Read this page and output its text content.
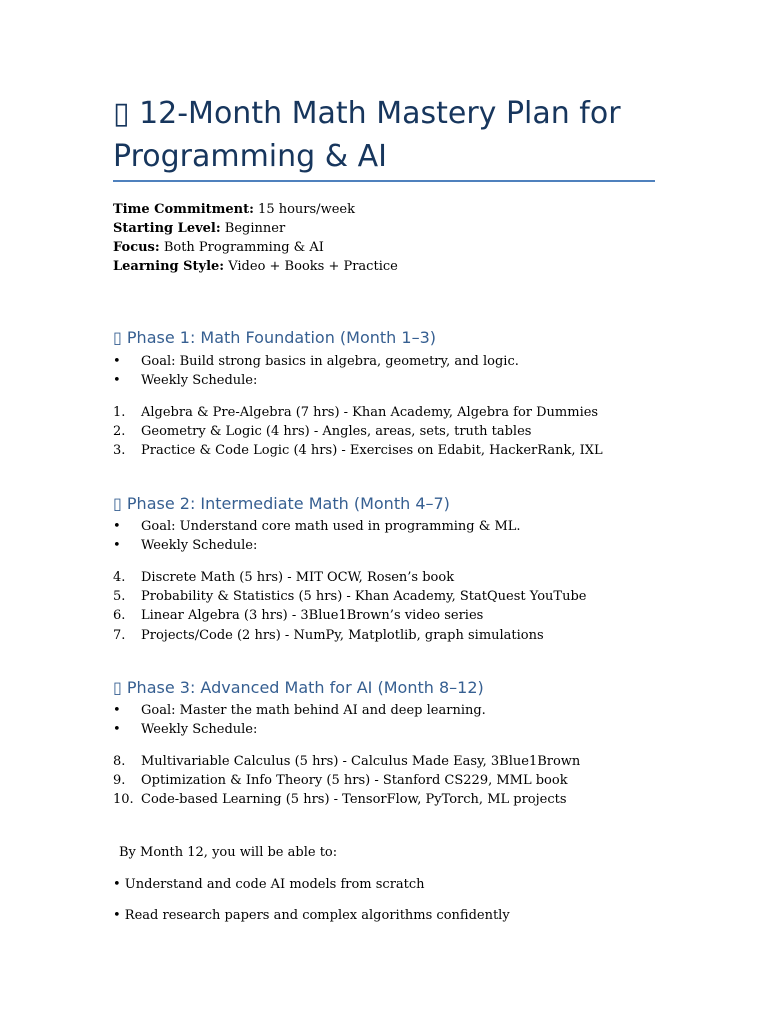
▯ 12-Month Math Mastery Plan for Programming & AI
Time Commitment: 15 hours/week
Starting Level: Beginner
Focus: Both Programming & AI
Learning Style: Video + Books + Practice
▯ Phase 1: Math Foundation (Month 1–3)
• Goal: Build strong basics in algebra, geometry, and logic.
• Weekly Schedule:
1. Algebra & Pre-Algebra (7 hrs) - Khan Academy, Algebra for Dummies
2. Geometry & Logic (4 hrs) - Angles, areas, sets, truth tables
3. Practice & Code Logic (4 hrs) - Exercises on Edabit, HackerRank, IXL
▯ Phase 2: Intermediate Math (Month 4–7)
• Goal: Understand core math used in programming & ML.
• Weekly Schedule:
4. Discrete Math (5 hrs) - MIT OCW, Rosen’s book
5. Probability & Statistics (5 hrs) - Khan Academy, StatQuest YouTube
6. Linear Algebra (3 hrs) - 3Blue1Brown’s video series
7. Projects/Code (2 hrs) - NumPy, Matplotlib, graph simulations
▯ Phase 3: Advanced Math for AI (Month 8–12)
• Goal: Master the math behind AI and deep learning.
• Weekly Schedule:
8. Multivariable Calculus (5 hrs) - Calculus Made Easy, 3Blue1Brown
9. Optimization & Info Theory (5 hrs) - Stanford CS229, MML book
10. Code-based Learning (5 hrs) - TensorFlow, PyTorch, ML projects
By Month 12, you will be able to:
• Understand and code AI models from scratch
• Read research papers and complex algorithms confidently
